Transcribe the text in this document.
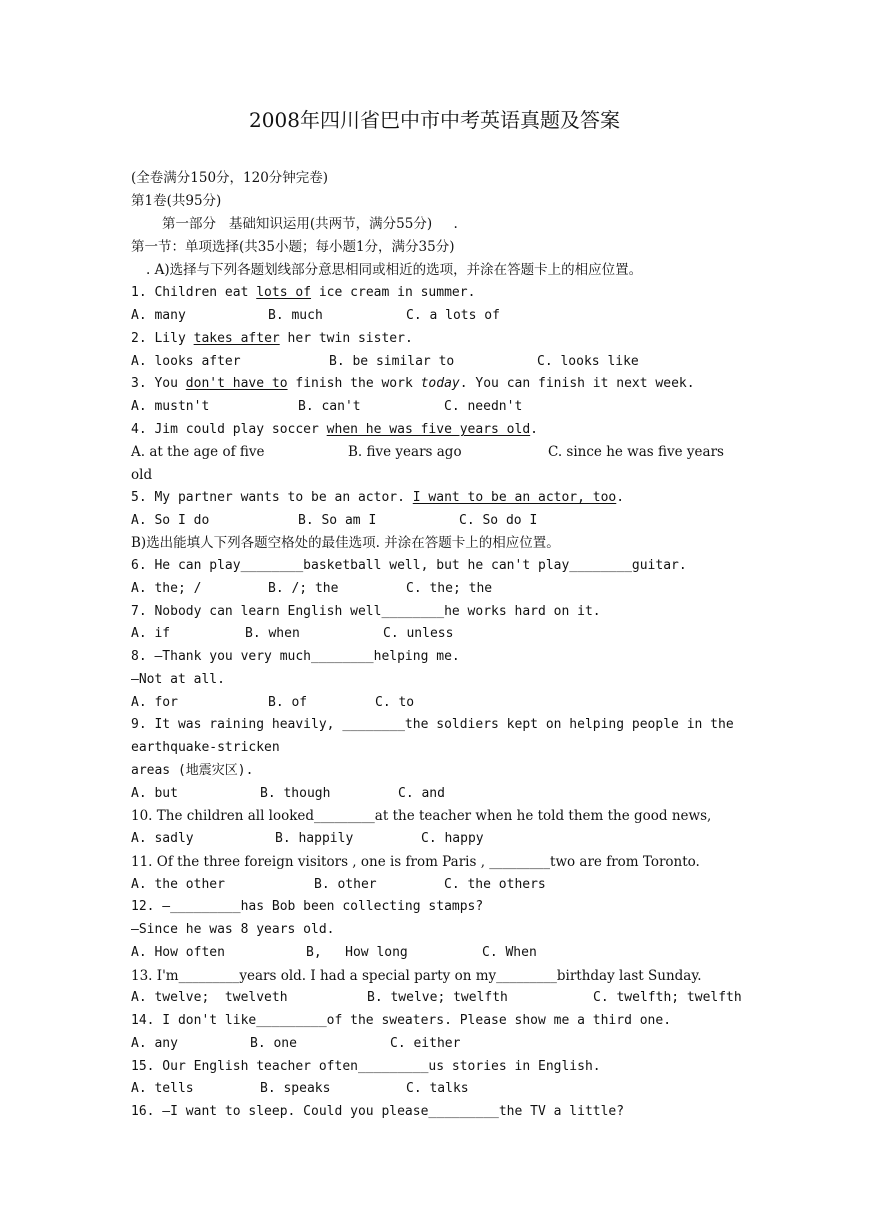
2008年四川省巴中市中考英语真题及答案
(全卷满分150分，120分钟完卷)
第1卷(共95分)
第一部分   基础知识运用(共两节，满分55分)     .
第一节：单项选择(共35小题；每小题1分，满分35分)
. A)选择与下列各题划线部分意思相同或相近的选项，并涂在答题卡上的相应位置。
1. Children eat lots of ice cream in summer.
A. many	B. much	C. a lots of
2. Lily takes after her twin sister.
A. looks after	B. be similar to	C. looks like
3. You don't have to finish the work today. You can finish it next week.
A. mustn't	B. can't	C. needn't
4. Jim could play soccer when he was five years old.
A. at the age of five	B. five years ago	C. since he was five years
old
5. My partner wants to be an actor. I want to be an actor, too.
A. So I do	B. So am I	C. So do I
B)选出能填人下列各题空格处的最佳选项. 并涂在答题卡上的相应位置。
6. He can play________basketball well, but he can't play________guitar.
A. the; /	B. /; the	C. the; the
7. Nobody can learn English well________he works hard on it.
A. if	B. when	C. unless
8. —Thank you very much________helping me.
—Not at all.
A. for	B. of	C. to
9. It was raining heavily, ________the soldiers kept on helping people in the
earthquake-stricken
areas (地震灾区).
A. but	B. though	C. and
10. The children all looked_________at the teacher when he told them the good news,
A. sadly	B. happily	C. happy
11. Of the three foreign visitors , one is from Paris , _________two are from Toronto.
A. the other	B. other	C. the others
12. —_________has Bob been collecting stamps?
—Since he was 8 years old.
A. How often	B,   How long	C. When
13. I'm_________years old. I had a special party on my_________birthday last Sunday.
A. twelve;  twelveth	B. twelve; twelfth	C. twelfth; twelfth
14. I don't like_________of the sweaters. Please show me a third one.
A. any	B. one	C. either
15. Our English teacher often_________us stories in English.
A. tells	B. speaks	C. talks
16. —I want to sleep. Could you please_________the TV a little?
